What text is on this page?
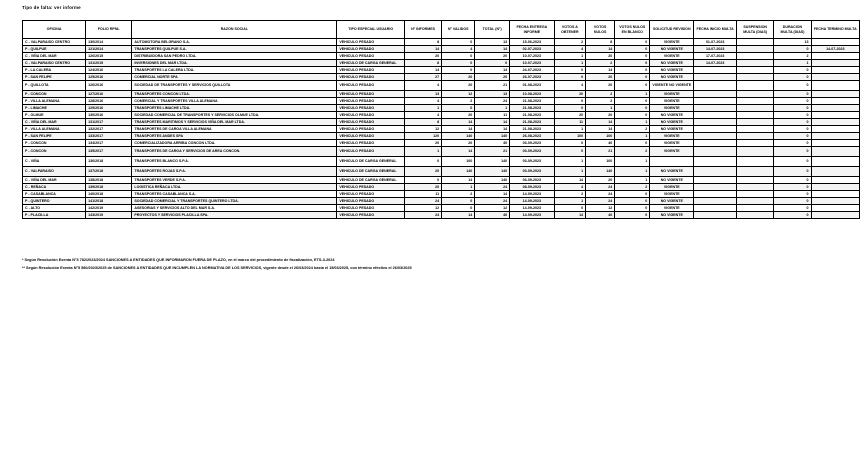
Tipo de falta: ver informe
OFICINA	FOLIO RPNL	RAZON SOCIAL	TIPO ESPECIAL USUARIO	N° INFORMES	N° VALIDOS	TOTAL (N°)	FECHA ENTREGA INFORME	VOTOS A OBTENER	VOTOS NULOS	VOTOS NULOS EN BLANCO	SOLICITUD REVISION	FECHA INICIO MULTA	SUSPENSION MULTA (DIAS)	DURACION MULTA (DIAS)	FECHA TERMINO MULTA
C - VALPARAISO CENTRO	130/2014	AUTOMOTORA BELGRANO S.A.	VEHICULO PESADO	8	0	13	15-06-2023	2	8	0	VIGENTE	01-07-2023		13	
P - QUILPUE	121/2014	TRANSPORTES QUILPUE S.A.	VEHICULO PESADO	14	4	14	02-07-2023	4	14	0	NO VIGENTE	14-07-2023		0	14-07-2023
C - VIÑA DEL MAR	126/2015	DISTRIBUIDORA SAN PEDRO LTDA.	VEHICULO PESADO	20	0	20	10-07-2023	1	20	0	VIGENTE	17-07-2023		2	
C - VALPARAISO CENTRO	131/2015	INVERSIONES DEL MAR LTDA.	VEHICULO DE CARGA GENERAL	8	0	0	10-07-2023	1	2	0	NO VIGENTE	14-07-2023		1	
P - LA CALERA	124/2016	TRANSPORTES LA CALERA LTDA.	VEHICULO PESADO	14	0	14	24-07-2023	0	14	0	NO VIGENTE			0	
P - SAN FELIPE	125/2016	COMERCIAL NORTE SPA	VEHICULO PESADO	27	20	20	26-07-2023	0	20	0	NO VIGENTE			0	
P - QUILLOTA	126/2016	SOCIEDAD DE TRANSPORTES Y SERVICIOS QUILLOTA	VEHICULO PESADO	4	20	21	01-08-2023	4	20	0	VIGENTE NO VIGENTE			0	
P - CONCON	127/2016	TRANSPORTES CONCON LTDA.	VEHICULO PESADO	13	12	13	10-08-2023	20	2	1	VIGENTE			0	
P - VILLA ALEMANA	128/2016	COMERCIAL Y TRANSPORTES VILLA ALEMANA	VEHICULO PESADO	4	2	24	21-08-2023	0	2	0	VIGENTE			0	
P - LIMACHE	129/2016	TRANSPORTES LIMACHE LTDA.	VEHICULO PESADO	1	0	1	21-08-2023	0	1	0	VIGENTE			0	
P - OLMUE	130/2016	SOCIEDAD COMERCIAL DE TRANSPORTES Y SERVICIOS OLMUE LTDA.	VEHICULO PESADO	4	20	11	21-08-2023	20	20	0	NO VIGENTE			0	
C - VIÑA DEL MAR	131/2017	TRANSPORTES MARITIMOS Y SERVICIOS VIÑA DEL MAR LTDA.	VEHICULO PESADO	8	14	14	21-08-2023	11	14	1	NO VIGENTE			0	
P - VILLA ALEMANA	132/2017	TRANSPORTES DE CARGA VILLA ALEMANA	VEHICULO PESADO	12	14	14	21-08-2023	1	14	2	NO VIGENTE			0	
P - SAN FELIPE	133/2017	TRANSPORTES ANDES SPA	VEHICULO PESADO	120	140	140	26-08-2023	100	100	1	VIGENTE			0	
P - CONCON	134/2017	COMERCIALIZADORA ARRIBA CONCON LTDA.	VEHICULO PESADO	20	20	40	03-09-2023	0	40	0	VIGENTE			0	
P - CONCON	135/2017	TRANSPORTES DE CARGA Y SERVICIOS DE AREA CONCON.	VEHICULO PESADO	1	14	21	03-09-2023	0	21	2	VIGENTE			0	
C - VIÑA	136/2018	TRANSPORTES BLANCO S.P.A.	VEHICULO DE CARGA GENERAL	0	100	140	03-09-2023	1	100	1				0	
C - VALPARAISO	137/2018	TRANSPORTES ROJAS S.P.A.	VEHICULO DE CARGA GENERAL	20	140	140	03-09-2023	1	140	1	NO VIGENTE			0	
C - VIÑA DEL MAR	138/2018	TRANSPORTES VERDE S.P.A.	VEHICULO DE CARGA GENERAL	0	14	140	03-09-2023	14	20	1	NO VIGENTE			0	
C - REÑACA	139/2018	LOGISTICA REÑACA LTDA.	VEHICULO PESADO	20	1	24	08-09-2023	4	24	2	VIGENTE			0	
P - CASABLANCA	140/2018	TRANSPORTES CASABLANCA S.A.	VEHICULO PESADO	11	2	14	14-09-2023	2	24	0	VIGENTE			0	
P - QUINTERO	141/2018	SOCIEDAD COMERCIAL Y TRANSPORTES QUINTERO LTDA.	VEHICULO PESADO	24	0	24	14-09-2023	1	24	0	NO VIGENTE			0	
C - ALTO	142/2019	ASESORIAS Y SERVICIOS ALTO DEL MAR S.A.	VEHICULO PESADO	12	0	12	14-09-2023	0	12	0	VIGENTE			0	
P - PLACILLA	143/2019	PROYECTOS Y SERVICIOS PLACILLA SPA.	VEHICULO PESADO	24	14	40	14-09-2023	14	40	0	NO VIGENTE			0	
* Según Resolución Exenta N°3 782/2023/2024 SANCIONES A ENTIDADES QUE INFORMARON FUERA DE PLAZO, en el marco del procedimiento de fiscalización, ETS-3-2024
** Según Resolución Exenta N°5 580/2023/2025 de SANCIONES A ENTIDADES QUE INCUMPLEN LA NORMATIVA DE LOS SERVICIOS, vigente desde el 26/03/2024 hasta el 15/03/2025, con término efectivo el 26/03/2025
